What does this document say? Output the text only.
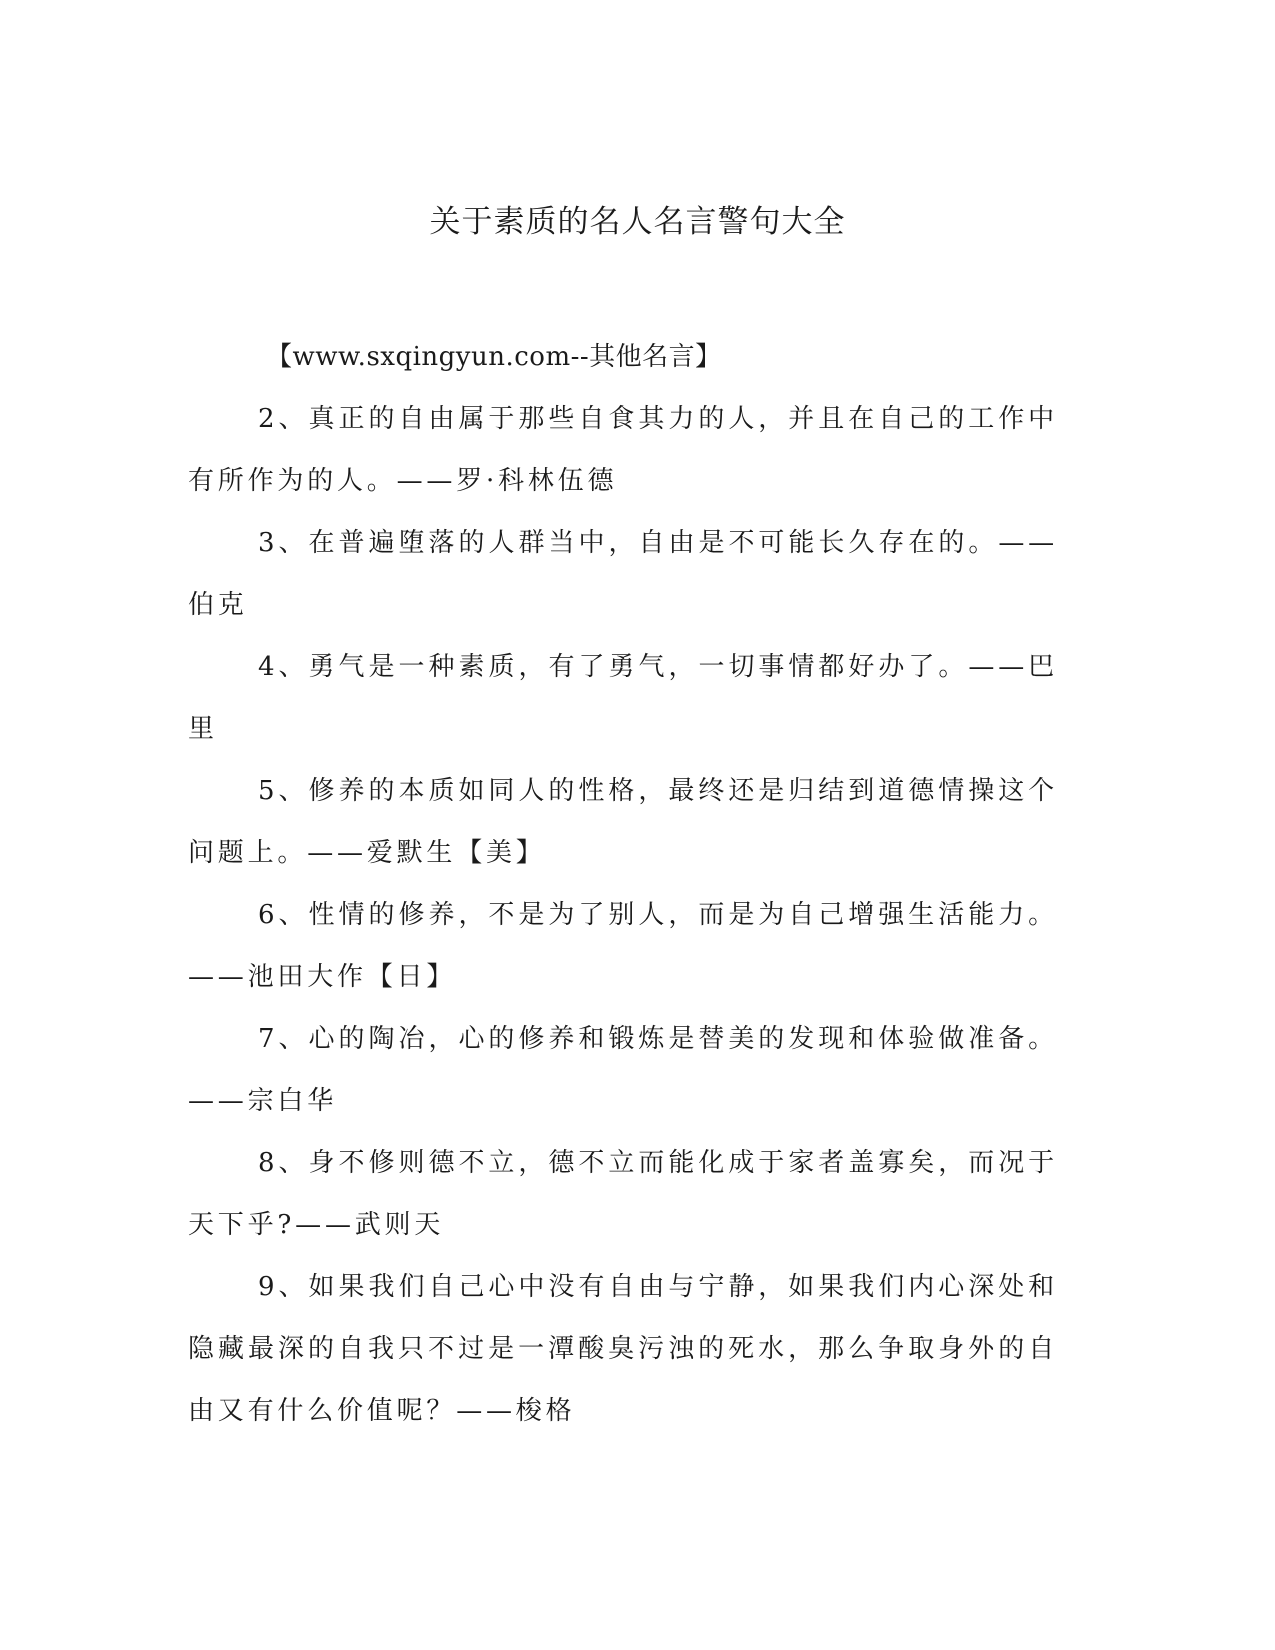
关于素质的名人名言警句大全

【www.sxqingyun.com--其他名言】

2、真正的自由属于那些自食其力的人，并且在自己的工作中有所作为的人。——罗·科林伍德

3、在普遍堕落的人群当中，自由是不可能长久存在的。——伯克

4、勇气是一种素质，有了勇气，一切事情都好办了。——巴里

5、修养的本质如同人的性格，最终还是归结到道德情操这个问题上。——爱默生【美】

6、性情的修养，不是为了别人，而是为自己增强生活能力。——池田大作【日】

7、心的陶冶，心的修养和锻炼是替美的发现和体验做准备。——宗白华

8、身不修则德不立，德不立而能化成于家者盖寡矣，而况于天下乎?——武则天

9、如果我们自己心中没有自由与宁静，如果我们内心深处和隐藏最深的自我只不过是一潭酸臭污浊的死水，那么争取身外的自由又有什么价值呢？——梭格
